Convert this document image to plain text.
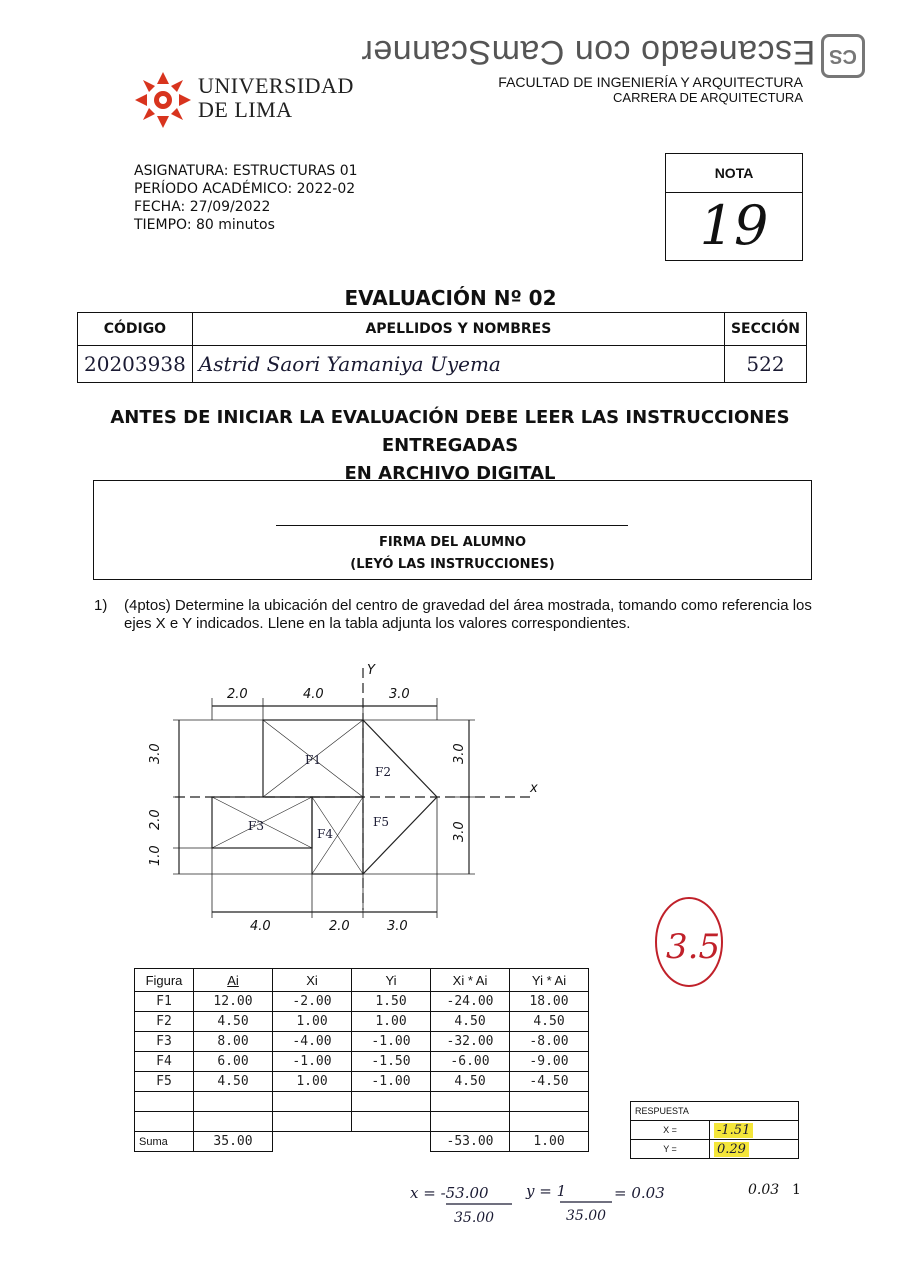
Escaneado con CamScanner CS
UNIVERSIDAD
DE LIMA
FACULTAD DE INGENIERÍA Y ARQUITECTURA
CARRERA DE ARQUITECTURA
ASIGNATURA: ESTRUCTURAS 01
PERÍODO ACADÉMICO: 2022-02
FECHA: 27/09/2022
TIEMPO: 80 minutos
NOTA
19
EVALUACIÓN Nº 02
CÓDIGO	APELLIDOS Y NOMBRES	SECCIÓN
20203938	Astrid Saori Yamaniya Uyema	522
ANTES DE INICIAR LA EVALUACIÓN DEBE LEER LAS INSTRUCCIONES ENTREGADAS
EN ARCHIVO DIGITAL
FIRMA DEL ALUMNO
(LEYÓ LAS INSTRUCCIONES)
1) (4ptos) Determine la ubicación del centro de gravedad del área mostrada, tomando como referencia los ejes X e Y indicados. Llene en la tabla adjunta los valores correspondientes.
2.0	4.0	3.0
4.0	2.0	3.0
3.0
2.0
1.0
3.0
3.0
x
Y
F1
F2
F3
F4
F5
Figura	Ai	Xi	Yi	Xi * Ai	Yi * Ai
F1	12.00	-2.00	1.50	-24.00	18.00
F2	4.50	1.00	1.00	4.50	4.50
F3	8.00	-4.00	-1.00	-32.00	-8.00
F4	6.00	-1.00	-1.50	-6.00	-9.00
F5	4.50	1.00	-1.00	4.50	-4.50

Suma	35.00			-53.00	1.00
RESPUESTA	
X =	-1.51
Y =	0.29
3.5
x = -53.00
35.00
y = 1
35.00
= 0.03	0.03 1
